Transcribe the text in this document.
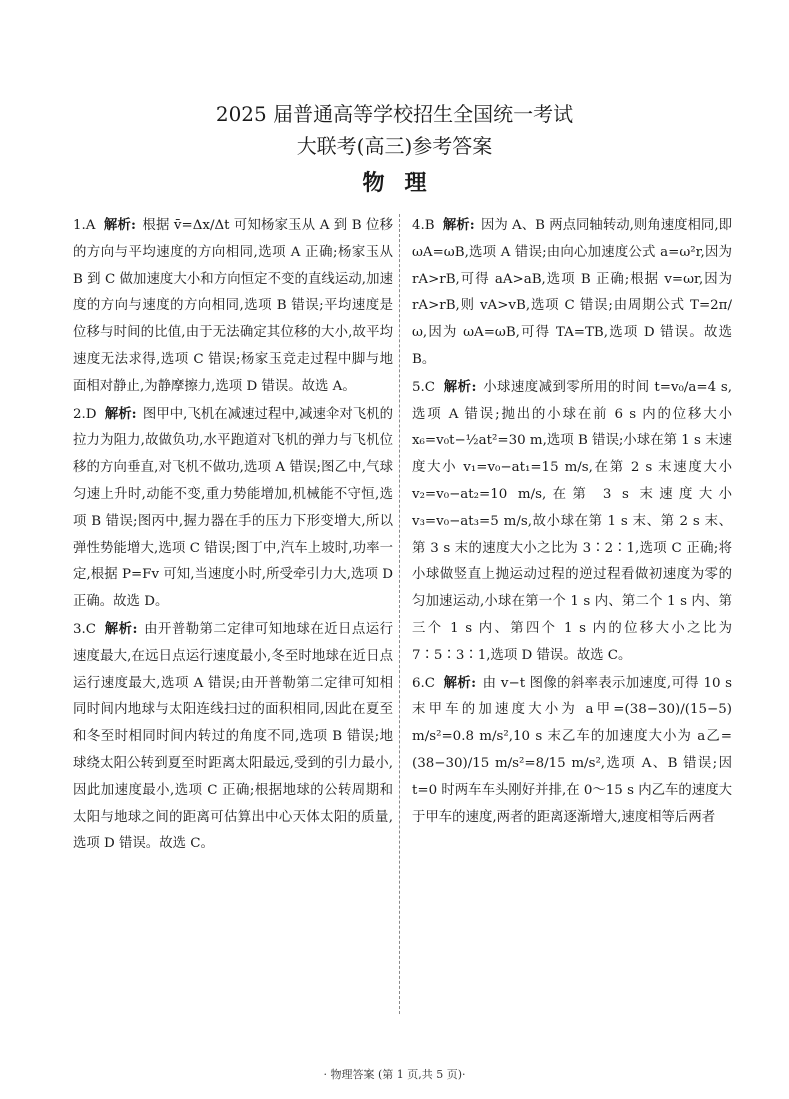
2025 届普通高等学校招生全国统一考试
大联考(高三)参考答案
物理
1.A 解析: 根据 v̄=Δx/Δt 可知杨家玉从 A 到 B 位移的方向与平均速度的方向相同,选项 A 正确;杨家玉从 B 到 C 做加速度大小和方向恒定不变的直线运动,加速度的方向与速度的方向相同,选项 B 错误;平均速度是位移与时间的比值,由于无法确定其位移的大小,故平均速度无法求得,选项 C 错误;杨家玉竞走过程中脚与地面相对静止,为静摩擦力,选项 D 错误。故选 A。
2.D 解析: 图甲中,飞机在减速过程中,减速伞对飞机的拉力为阻力,故做负功,水平跑道对飞机的弹力与飞机位移的方向垂直,对飞机不做功,选项 A 错误;图乙中,气球匀速上升时,动能不变,重力势能增加,机械能不守恒,选项 B 错误;图丙中,握力器在手的压力下形变增大,所以弹性势能增大,选项 C 错误;图丁中,汽车上坡时,功率一定,根据 P=Fv 可知,当速度小时,所受牵引力大,选项 D 正确。故选 D。
3.C 解析: 由开普勒第二定律可知地球在近日点运行速度最大,在远日点运行速度最小,冬至时地球在近日点运行速度最大,选项 A 错误;由开普勒第二定律可知相同时间内地球与太阳连线扫过的面积相同,因此在夏至和冬至时相同时间内转过的角度不同,选项 B 错误;地球绕太阳公转到夏至时距离太阳最远,受到的引力最小,因此加速度最小,选项 C 正确;根据地球的公转周期和太阳与地球之间的距离可估算出中心天体太阳的质量,选项 D 错误。故选 C。
4.B 解析: 因为 A、B 两点同轴转动,则角速度相同,即 ωA=ωB,选项 A 错误;由向心加速度公式 a=ω²r,因为 rA>rB,可得 aA>aB,选项 B 正确;根据 v=ωr,因为 rA>rB,则 vA>vB,选项 C 错误;由周期公式 T=2π/ω,因为 ωA=ωB,可得 TA=TB,选项 D 错误。故选 B。
5.C 解析: 小球速度减到零所用的时间 t=v₀/a=4 s,选项 A 错误;抛出的小球在前 6 s 内的位移大小 x₆=v₀t−½at²=30 m,选项 B 错误;小球在第 1 s 末速度大小 v₁=v₀−at₁=15 m/s,在第 2 s 末速度大小 v₂=v₀−at₂=10 m/s,在第 3 s 末速度大小 v₃=v₀−at₃=5 m/s,故小球在第 1 s 末、第 2 s 末、第 3 s 末的速度大小之比为 3∶2∶1,选项 C 正确;将小球做竖直上抛运动过程的逆过程看做初速度为零的匀加速运动,小球在第一个 1 s 内、第二个 1 s 内、第三个 1 s 内、第四个 1 s 内的位移大小之比为 7∶5∶3∶1,选项 D 错误。故选 C。
6.C 解析: 由 v−t 图像的斜率表示加速度,可得 10 s 末甲车的加速度大小为 a甲=(38−30)/(15−5) m/s²=0.8 m/s²,10 s 末乙车的加速度大小为 a乙=(38−30)/15 m/s²=8/15 m/s²,选项 A、B 错误;因 t=0 时两车车头刚好并排,在 0～15 s 内乙车的速度大于甲车的速度,两者的距离逐渐增大,速度相等后两者
· 物理答案 (第 1 页,共 5 页)·
